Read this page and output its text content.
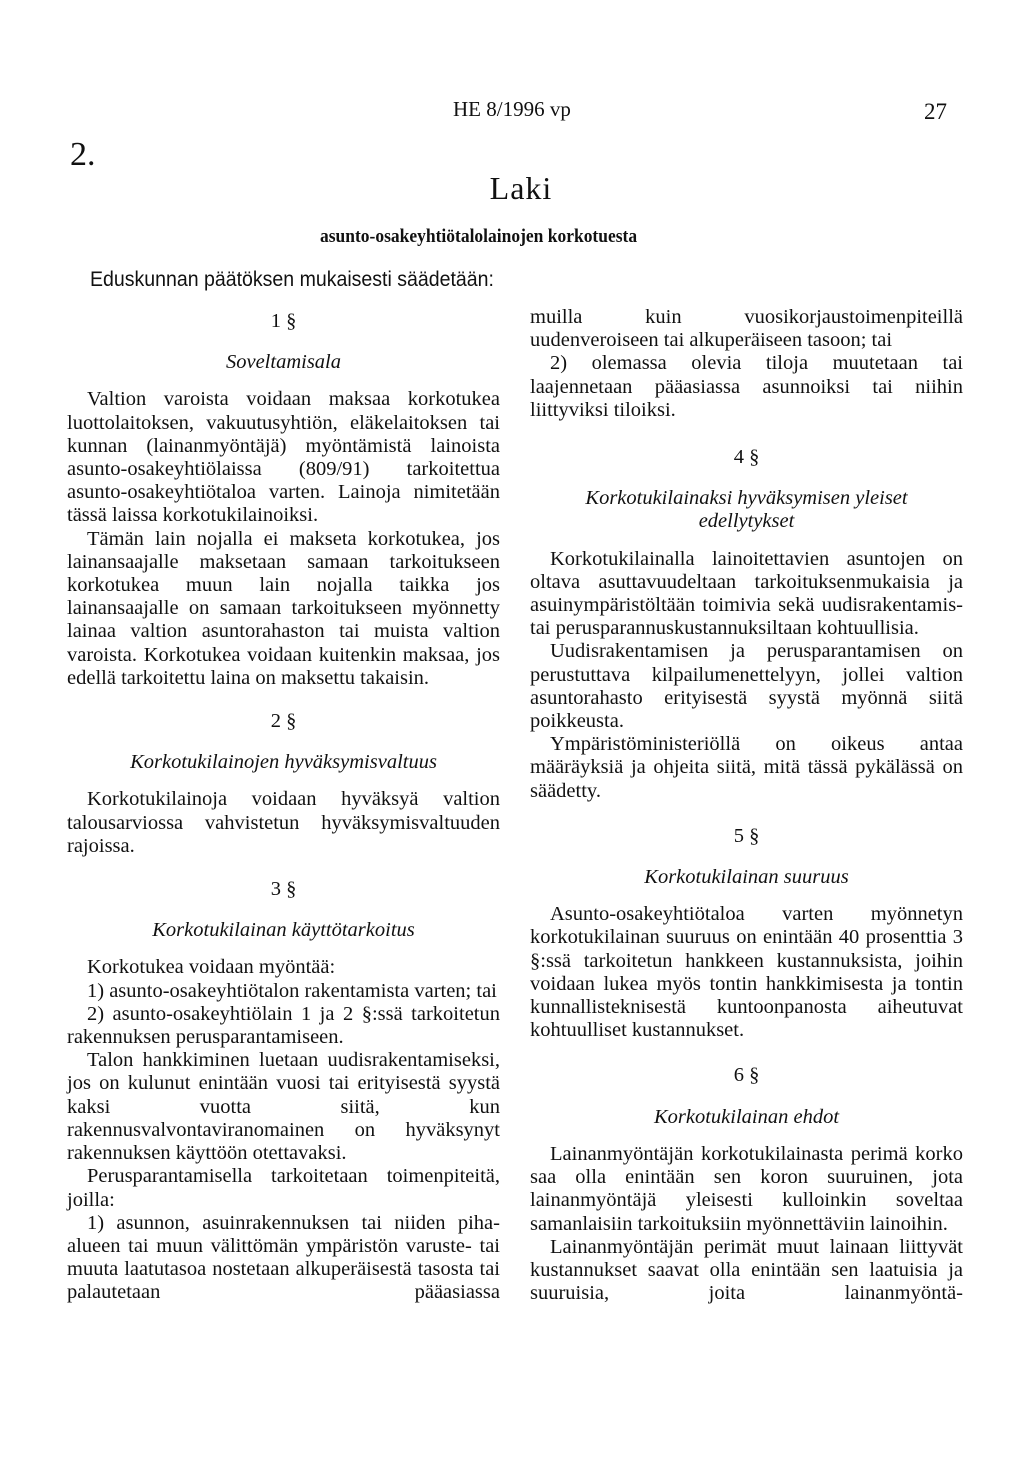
HE 8/1996 vp	27
2.
Laki
asunto-osakeyhtiötalolainojen korkotuesta
Eduskunnan päätöksen mukaisesti säädetään:
1 §
Soveltamisala

Valtion varoista voidaan maksaa korkotukea luottolaitoksen, vakuutusyhtiön, eläkelaitoksen tai kunnan (lainanmyöntäjä) myöntämistä lainoista asunto-osakeyhtiölaissa (809/91) tarkoitettua asunto-osakeyhtiötaloa varten. Lainoja nimitetään tässä laissa korkotukilainoiksi.

Tämän lain nojalla ei makseta korkotukea, jos lainansaajalle maksetaan samaan tarkoitukseen korkotukea muun lain nojalla taikka jos lainansaajalle on samaan tarkoitukseen myönnetty lainaa valtion asuntorahaston tai muista valtion varoista. Korkotukea voidaan kuitenkin maksaa, jos edellä tarkoitettu laina on maksettu takaisin.

2 §
Korkotukilainojen hyväksymisvaltuus

Korkotukilainoja voidaan hyväksyä valtion talousarviossa vahvistetun hyväksymisvaltuuden rajoissa.

3 §
Korkotukilainan käyttötarkoitus

Korkotukea voidaan myöntää:

1) asunto-osakeyhtiötalon rakentamista varten; tai

2) asunto-osakeyhtiölain 1 ja 2 §:ssä tarkoitetun rakennuksen perusparantamiseen.

Talon hankkiminen luetaan uudisrakentamiseksi, jos on kulunut enintään vuosi tai erityisestä syystä kaksi vuotta siitä, kun rakennusvalvontaviranomainen on hyväksynyt rakennuksen käyttöön otettavaksi.

Perusparantamisella tarkoitetaan toimenpiteitä, joilla:

1) asunnon, asuinrakennuksen tai niiden piha-alueen tai muun välittömän ympäristön varuste- tai muuta laatutasoa nostetaan alkuperäisestä tasosta tai palautetaan pääasiassa

muilla kuin vuosikorjaustoimenpiteillä uudenveroiseen tai alkuperäiseen tasoon; tai

2) olemassa olevia tiloja muutetaan tai laajennetaan pääasiassa asunnoiksi tai niihin liittyviksi tiloiksi.

4 §
Korkotukilainaksi hyväksymisen yleiset edellytykset

Korkotukilainalla lainoitettavien asuntojen on oltava asuttavuudeltaan tarkoituksenmukaisia ja asuinympäristöltään toimivia sekä uudisrakentamis- tai perusparannuskustannuksiltaan kohtuullisia.

Uudisrakentamisen ja perusparantamisen on perustuttava kilpailumenettelyyn, jollei valtion asuntorahasto erityisestä syystä myönnä siitä poikkeusta.

Ympäristöministeriöllä on oikeus antaa määräyksiä ja ohjeita siitä, mitä tässä pykälässä on säädetty.

5 §
Korkotukilainan suuruus

Asunto-osakeyhtiötaloa varten myönnetyn korkotukilainan suuruus on enintään 40 prosenttia 3 §:ssä tarkoitetun hankkeen kustannuksista, joihin voidaan lukea myös tontin hankkimisesta ja tontin kunnallisteknisestä kuntoonpanosta aiheutuvat kohtuulliset kustannukset.

6 §
Korkotukilainan ehdot

Lainanmyöntäjän korkotukilainasta perimä korko saa olla enintään sen koron suuruinen, jota lainanmyöntäjä yleisesti kulloinkin soveltaa samanlaisiin tarkoituksiin myönnettäviin lainoihin.

Lainanmyöntäjän perimät muut lainaan liittyvät kustannukset saavat olla enintään sen laatuisia ja suuruisia, joita lainanmyöntä-
